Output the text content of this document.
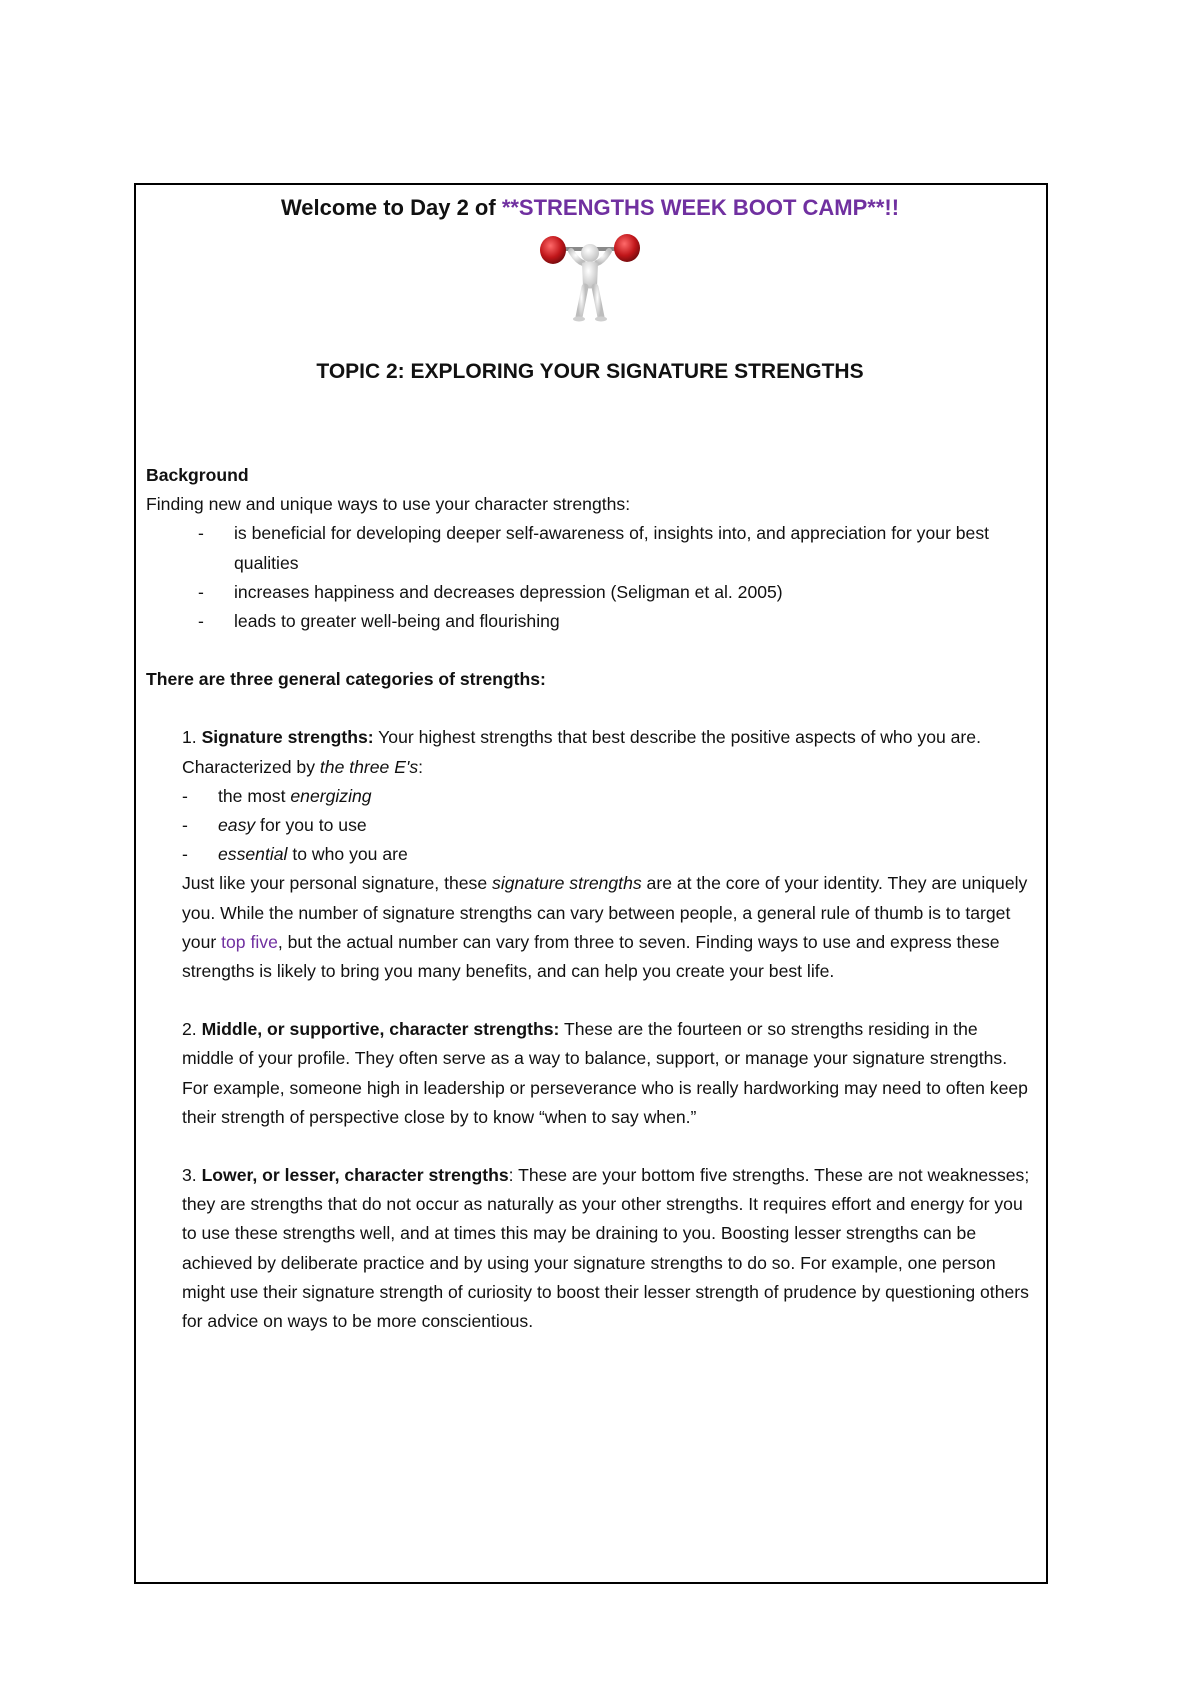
Welcome to Day 2 of **STRENGTHS WEEK BOOT CAMP**!!
TOPIC 2: EXPLORING YOUR SIGNATURE STRENGTHS
Background
Finding new and unique ways to use your character strengths:
- is beneficial for developing deeper self-awareness of, insights into, and appreciation for your best qualities
- increases happiness and decreases depression (Seligman et al. 2005)
- leads to greater well-being and flourishing
There are three general categories of strengths:
1. Signature strengths: Your highest strengths that best describe the positive aspects of who you are. Characterized by the three E's:
- the most energizing
- easy for you to use
- essential to who you are
Just like your personal signature, these signature strengths are at the core of your identity. They are uniquely you. While the number of signature strengths can vary between people, a general rule of thumb is to target your top five, but the actual number can vary from three to seven. Finding ways to use and express these strengths is likely to bring you many benefits, and can help you create your best life.
2. Middle, or supportive, character strengths: These are the fourteen or so strengths residing in the middle of your profile. They often serve as a way to balance, support, or manage your signature strengths. For example, someone high in leadership or perseverance who is really hardworking may need to often keep their strength of perspective close by to know “when to say when.”
3. Lower, or lesser, character strengths: These are your bottom five strengths. These are not weaknesses; they are strengths that do not occur as naturally as your other strengths. It requires effort and energy for you to use these strengths well, and at times this may be draining to you. Boosting lesser strengths can be achieved by deliberate practice and by using your signature strengths to do so. For example, one person might use their signature strength of curiosity to boost their lesser strength of prudence by questioning others for advice on ways to be more conscientious.
